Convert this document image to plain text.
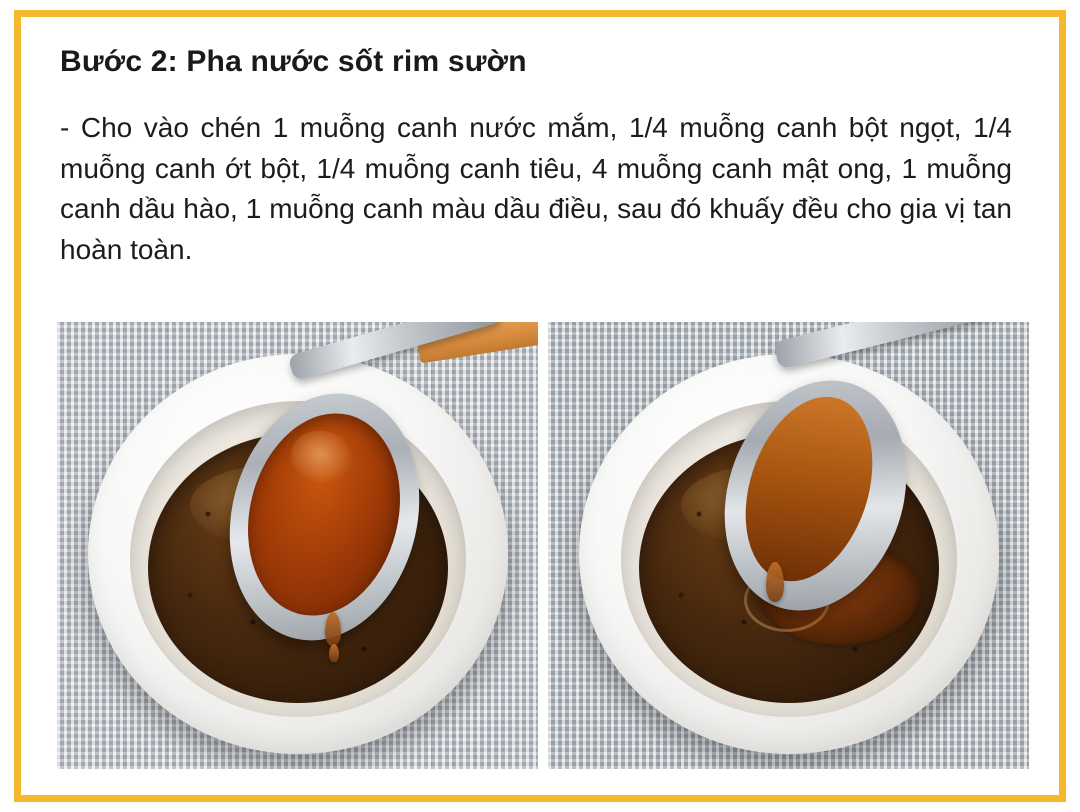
Bước 2: Pha nước sốt rim sườn

- Cho vào chén 1 muỗng canh nước mắm, 1/4 muỗng canh bột ngọt, 1/4 muỗng canh ớt bột, 1/4 muỗng canh tiêu, 4 muỗng canh mật ong, 1 muỗng canh dầu hào, 1 muỗng canh màu dầu điều, sau đó khuấy đều cho gia vị tan hoàn toàn.
